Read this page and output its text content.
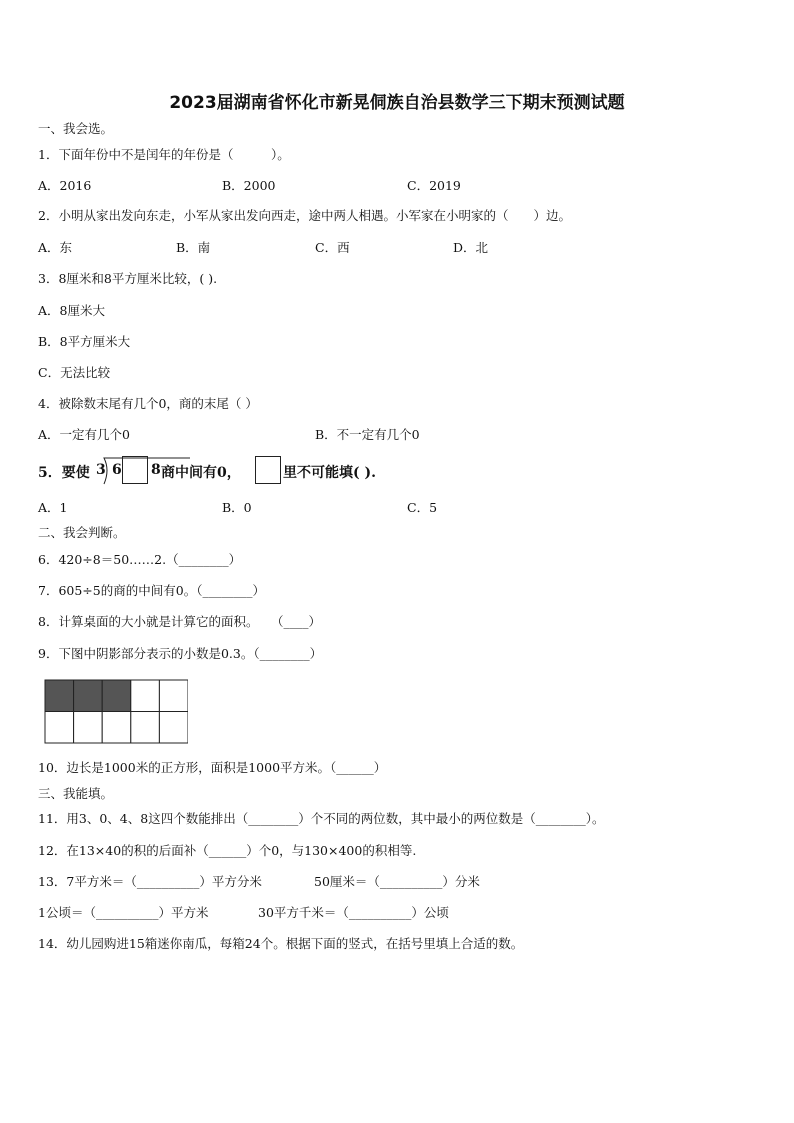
2023届湖南省怀化市新晃侗族自治县数学三下期末预测试题
一、我会选。
1．下面年份中不是闰年的年份是（　　　）。
A．2016	B．2000	C．2019
2．小明从家出发向东走，小军从家出发向西走，途中两人相遇。小军家在小明家的（　　）边。
A．东	B．南	C．西	D．北
3．8厘米和8平方厘米比较，( ).
A．8厘米大
B．8平方厘米大
C．无法比较
4．被除数末尾有几个0，商的末尾（ ）
A．一定有几个0	B．不一定有几个0
5．要使 3 6 8 商中间有0，	里不可能填( ).
A．1	B．0	C．5
二、我会判断。
6．420÷8＝50……2.（________）
7．605÷5的商的中间有0。（________）
8．计算桌面的大小就是计算它的面积。　　（____）
9．下图中阴影部分表示的小数是0.3。（________）
10．边长是1000米的正方形，面积是1000平方米。（______）
三、我能填。
11．用3、0、4、8这四个数能排出（________）个不同的两位数，其中最小的两位数是（________）。
12．在13×40的积的后面补（______）个0，与130×400的积相等.
13．7平方米＝（__________）平方分米	50厘米＝（__________）分米
1公顷＝（__________）平方米	30平方千米＝（__________）公顷
14．幼儿园购进15箱迷你南瓜，每箱24个。根据下面的竖式，在括号里填上合适的数。
